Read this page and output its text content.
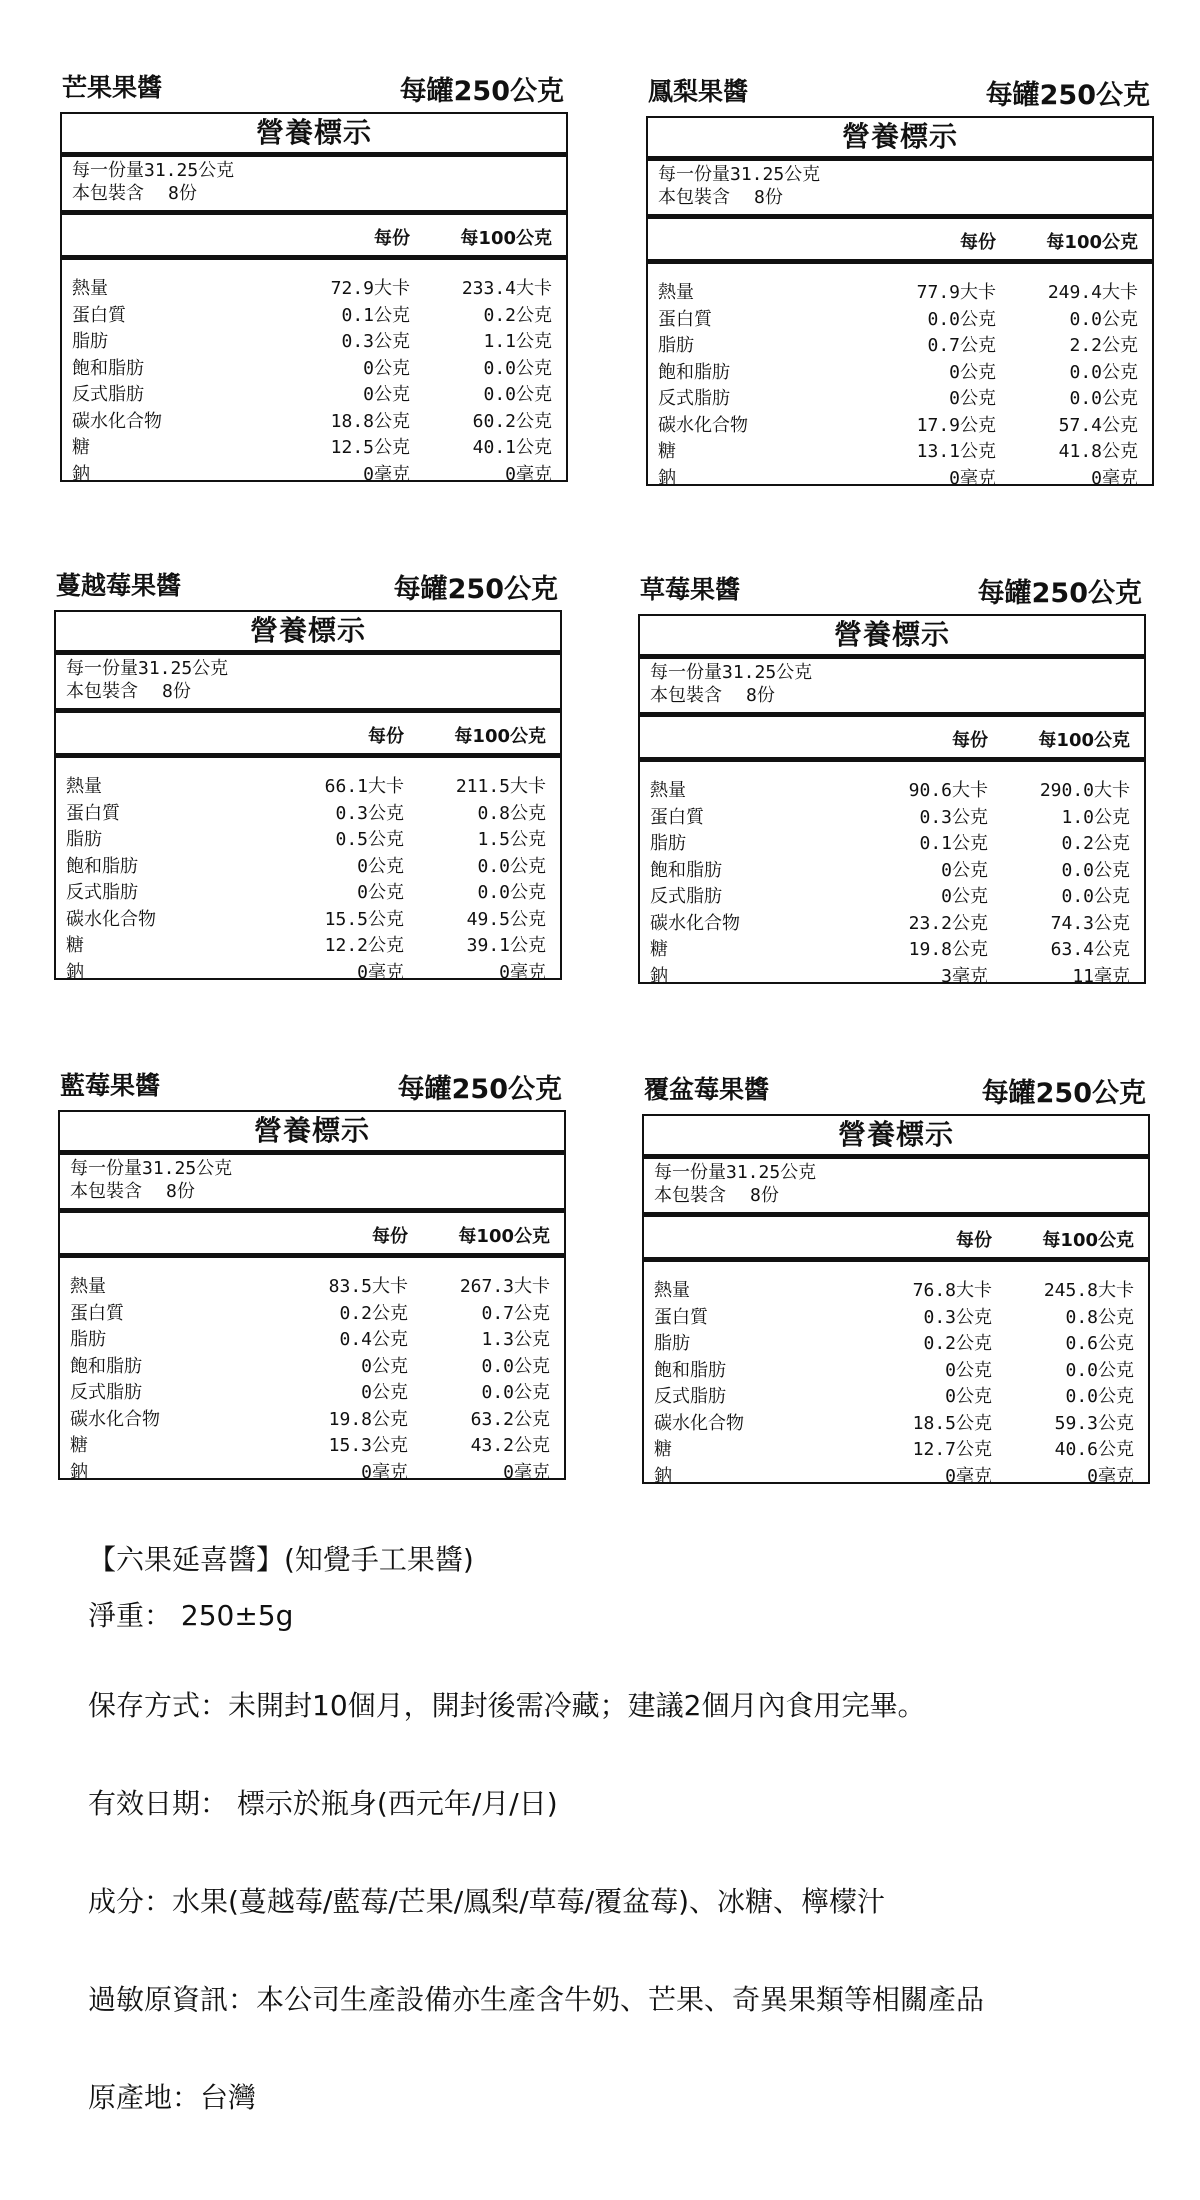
芒果果醬	每罐250公克
營養標示
每一份量31.25公克
本包裝含 8份
每份	每100公克
熱量	72.9大卡	233.4大卡
蛋白質	0.1公克	0.2公克
脂肪	0.3公克	1.1公克
飽和脂肪	0公克	0.0公克
反式脂肪	0公克	0.0公克
碳水化合物	18.8公克	60.2公克
糖	12.5公克	40.1公克
鈉	0毫克	0毫克
鳳梨果醬	每罐250公克
營養標示
每一份量31.25公克
本包裝含 8份
每份	每100公克
熱量	77.9大卡	249.4大卡
蛋白質	0.0公克	0.0公克
脂肪	0.7公克	2.2公克
飽和脂肪	0公克	0.0公克
反式脂肪	0公克	0.0公克
碳水化合物	17.9公克	57.4公克
糖	13.1公克	41.8公克
鈉	0毫克	0毫克
蔓越莓果醬	每罐250公克
營養標示
每一份量31.25公克
本包裝含 8份
每份	每100公克
熱量	66.1大卡	211.5大卡
蛋白質	0.3公克	0.8公克
脂肪	0.5公克	1.5公克
飽和脂肪	0公克	0.0公克
反式脂肪	0公克	0.0公克
碳水化合物	15.5公克	49.5公克
糖	12.2公克	39.1公克
鈉	0毫克	0毫克
草莓果醬	每罐250公克
營養標示
每一份量31.25公克
本包裝含 8份
每份	每100公克
熱量	90.6大卡	290.0大卡
蛋白質	0.3公克	1.0公克
脂肪	0.1公克	0.2公克
飽和脂肪	0公克	0.0公克
反式脂肪	0公克	0.0公克
碳水化合物	23.2公克	74.3公克
糖	19.8公克	63.4公克
鈉	3毫克	11毫克
藍莓果醬	每罐250公克
營養標示
每一份量31.25公克
本包裝含 8份
每份	每100公克
熱量	83.5大卡	267.3大卡
蛋白質	0.2公克	0.7公克
脂肪	0.4公克	1.3公克
飽和脂肪	0公克	0.0公克
反式脂肪	0公克	0.0公克
碳水化合物	19.8公克	63.2公克
糖	15.3公克	43.2公克
鈉	0毫克	0毫克
覆盆莓果醬	每罐250公克
營養標示
每一份量31.25公克
本包裝含 8份
每份	每100公克
熱量	76.8大卡	245.8大卡
蛋白質	0.3公克	0.8公克
脂肪	0.2公克	0.6公克
飽和脂肪	0公克	0.0公克
反式脂肪	0公克	0.0公克
碳水化合物	18.5公克	59.3公克
糖	12.7公克	40.6公克
鈉	0毫克	0毫克
【六果延喜醬】(知覺手工果醬)
淨重： 250±5g
保存方式：未開封10個月，開封後需冷藏；建議2個月內食用完畢。
有效日期： 標示於瓶身(西元年/月/日)
成分：水果(蔓越莓/藍莓/芒果/鳳梨/草莓/覆盆莓)、冰糖、檸檬汁
過敏原資訊：本公司生產設備亦生產含牛奶、芒果、奇異果類等相關產品
原產地：台灣
